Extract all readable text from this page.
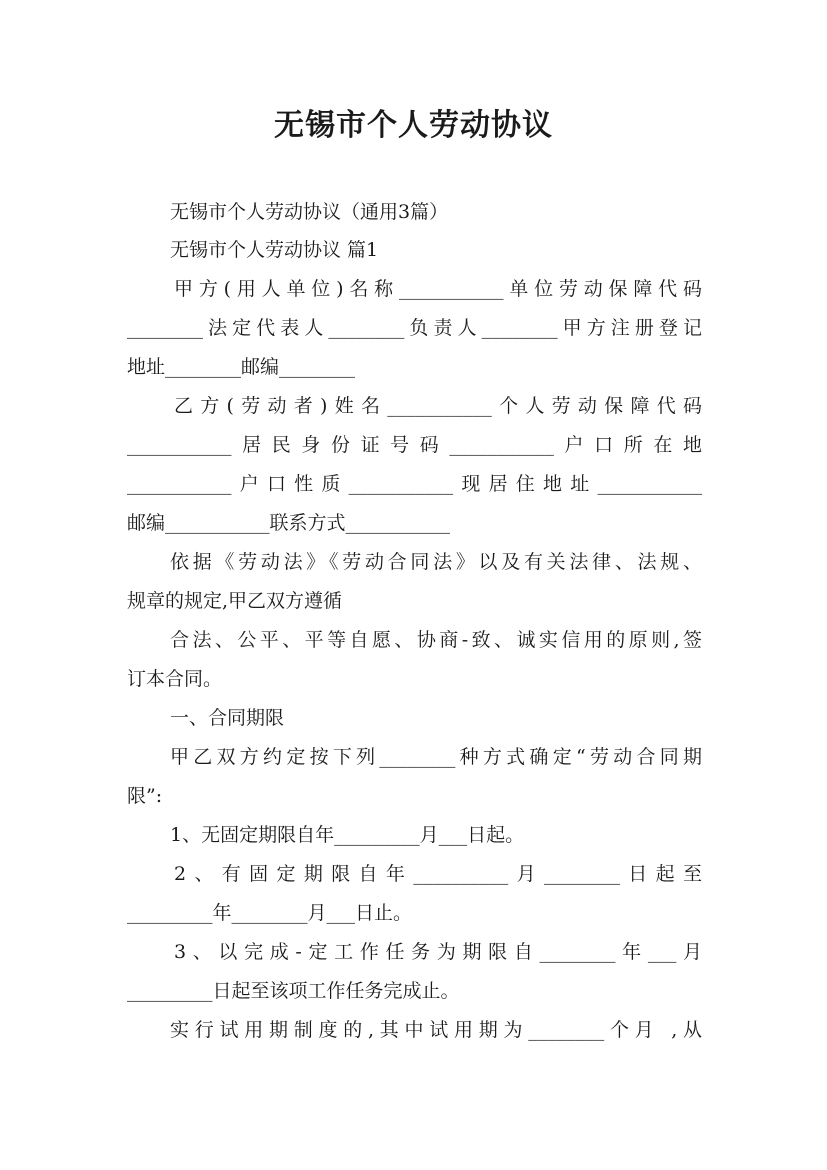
无锡市个人劳动协议
无锡市个人劳动协议（通用3篇）
无锡市个人劳动协议 篇1
甲方(用人单位)名称___________单位劳动保障代码
________法定代表人________负责人________甲方注册登记
地址________邮编________
乙方(劳动者)姓名___________个人劳动保障代码
___________居民身份证号码___________户口所在地
___________户口性质___________现居住地址___________
邮编___________联系方式___________
依据《劳动法》《劳动合同法》以及有关法律、法规、
规章的规定,甲乙双方遵循
合法、公平、平等自愿、协商-致、诚实信用的原则,签
订本合同。
一、合同期限
甲乙双方约定按下列________种方式确定“劳动合同期
限”:
1、无固定期限自年_________月___日起。
2、有固定期限自年__________月________日起至
_________年________月___日止。
3、以完成-定工作任务为期限自________年___月
_________日起至该项工作任务完成止。
实行试用期制度的,其中试用期为________个月 ,从
